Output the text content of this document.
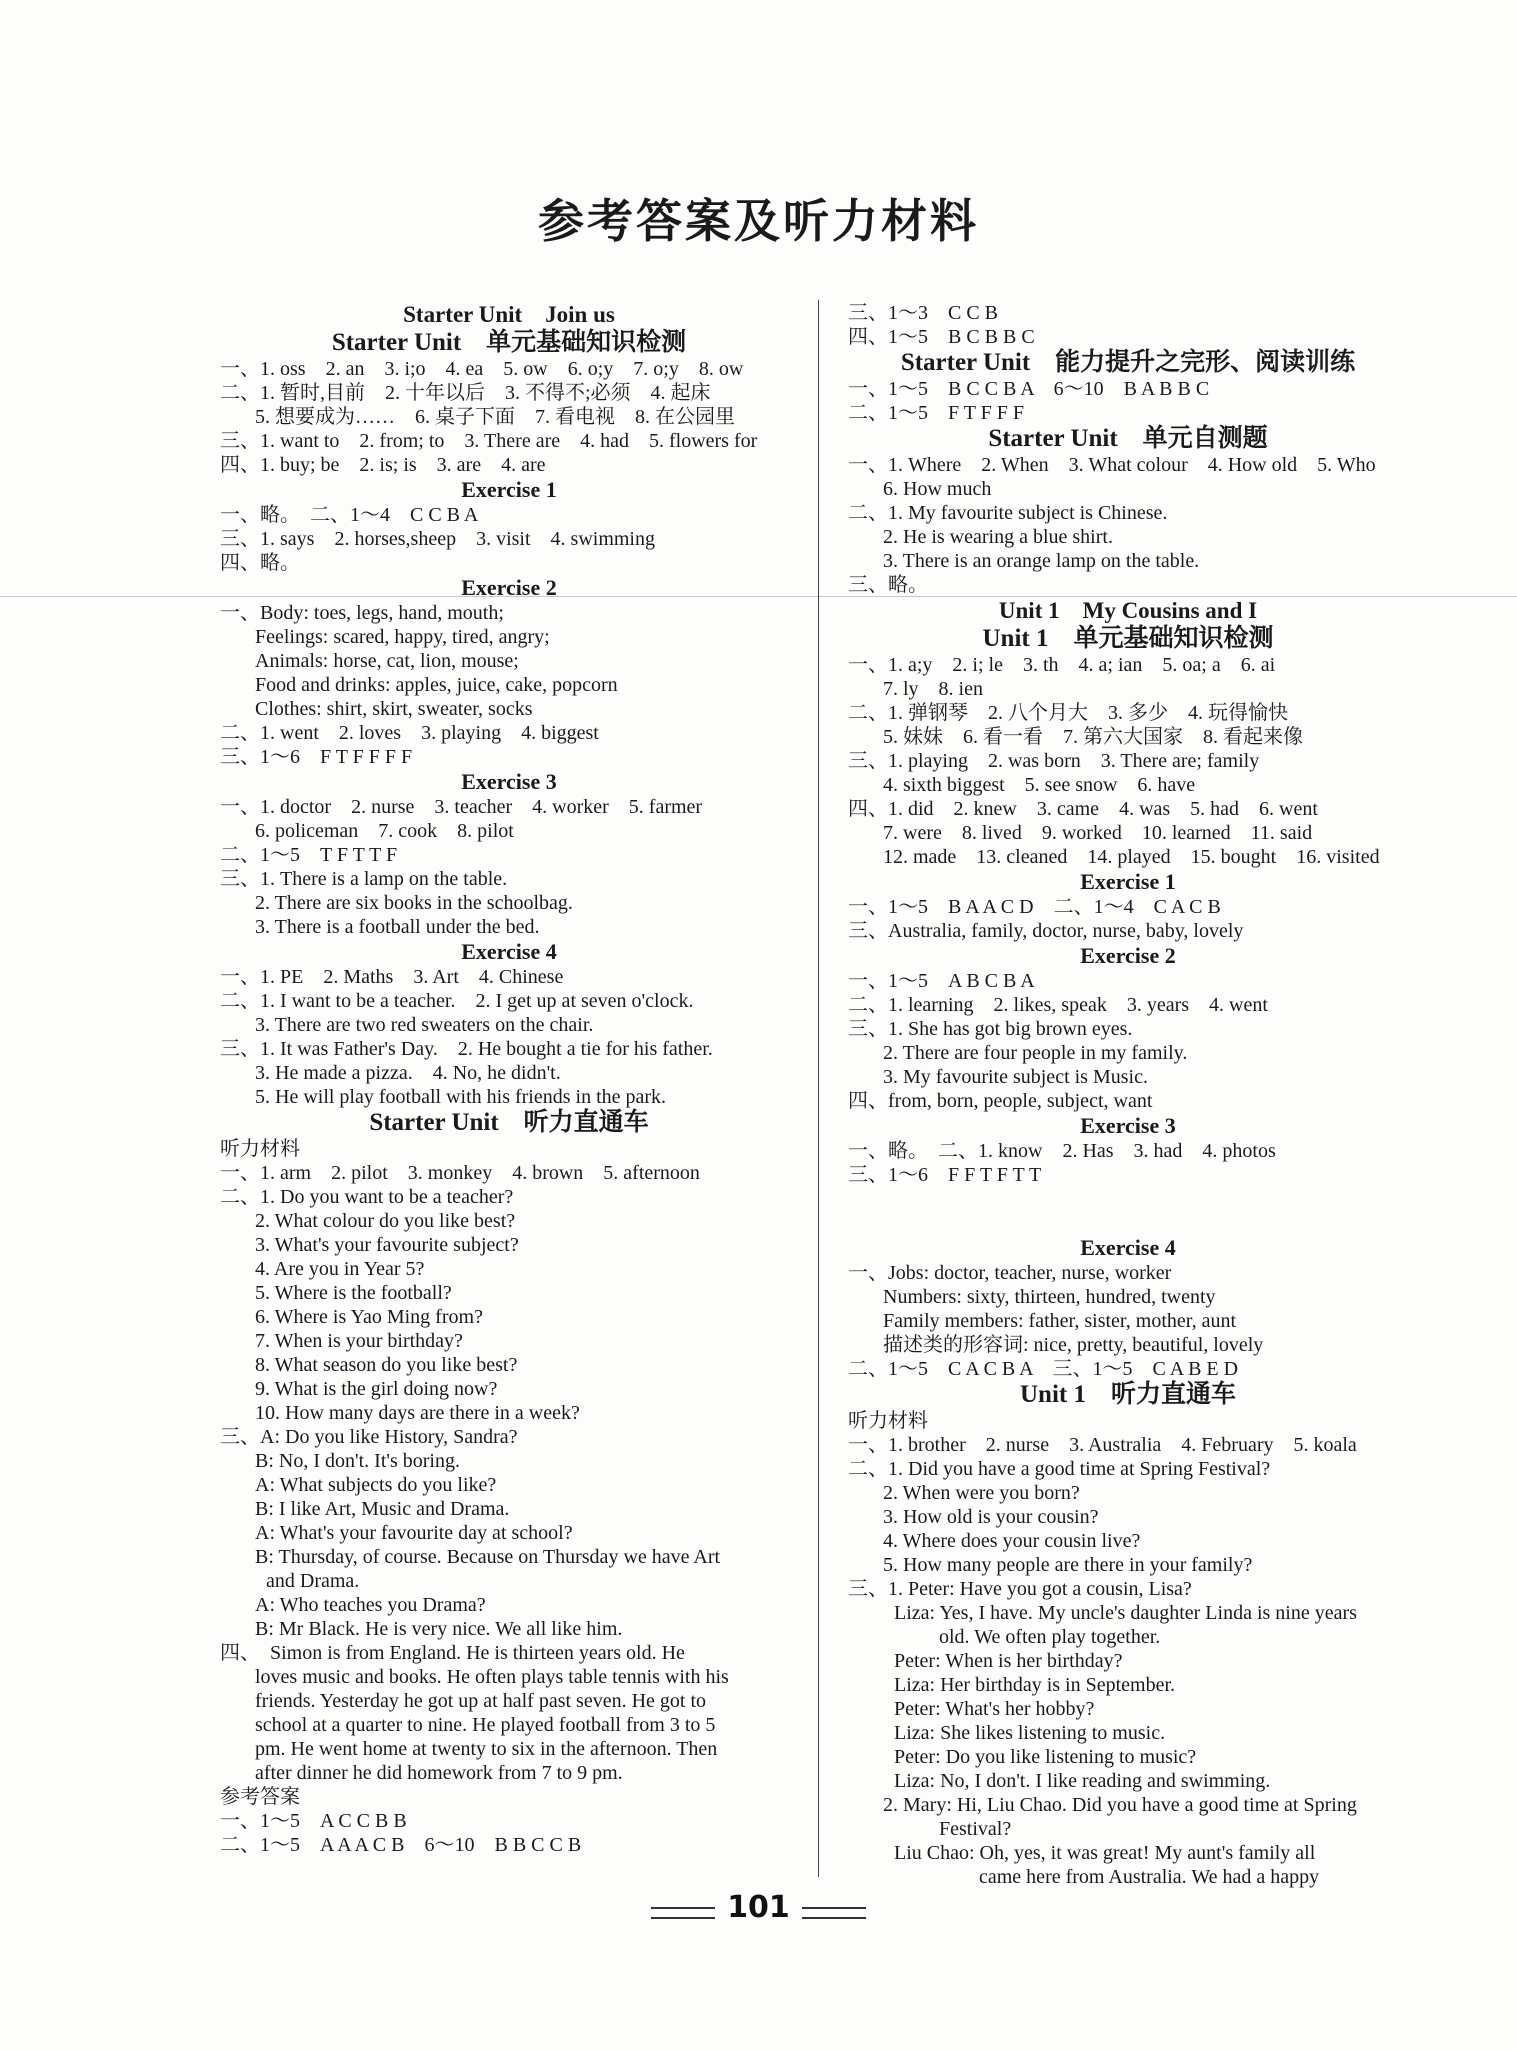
参考答案及听力材料
Starter Unit　Join us
Starter Unit　单元基础知识检测
一、1. oss　2. an　3. i;o　4. ea　5. ow　6. o;y　7. o;y　8. ow
二、1. 暂时,目前　2. 十年以后　3. 不得不;必须　4. 起床
5. 想要成为……　6. 桌子下面　7. 看电视　8. 在公园里
三、1. want to　2. from; to　3. There are　4. had　5. flowers for
四、1. buy; be　2. is; is　3. are　4. are
Exercise 1
一、略。　二、1～4　C C B A
三、1. says　2. horses,sheep　3. visit　4. swimming
四、略。
Exercise 2
一、Body: toes, legs, hand, mouth;
Feelings: scared, happy, tired, angry;
Animals: horse, cat, lion, mouse;
Food and drinks: apples, juice, cake, popcorn
Clothes: shirt, skirt, sweater, socks
二、1. went　2. loves　3. playing　4. biggest
三、1～6　F T F F F F
Exercise 3
一、1. doctor　2. nurse　3. teacher　4. worker　5. farmer
6. policeman　7. cook　8. pilot
二、1～5　T F T T F
三、1. There is a lamp on the table.
2. There are six books in the schoolbag.
3. There is a football under the bed.
Exercise 4
一、1. PE　2. Maths　3. Art　4. Chinese
二、1. I want to be a teacher.　2. I get up at seven o'clock.
3. There are two red sweaters on the chair.
三、1. It was Father's Day.　2. He bought a tie for his father.
3. He made a pizza.　4. No, he didn't.
5. He will play football with his friends in the park.
Starter Unit　听力直通车
听力材料
一、1. arm　2. pilot　3. monkey　4. brown　5. afternoon
二、1. Do you want to be a teacher?
2. What colour do you like best?
3. What's your favourite subject?
4. Are you in Year 5?
5. Where is the football?
6. Where is Yao Ming from?
7. When is your birthday?
8. What season do you like best?
9. What is the girl doing now?
10. How many days are there in a week?
三、A: Do you like History, Sandra?
B: No, I don't. It's boring.
A: What subjects do you like?
B: I like Art, Music and Drama.
A: What's your favourite day at school?
B: Thursday, of course. Because on Thursday we have Art
and Drama.
A: Who teaches you Drama?
B: Mr Black. He is very nice. We all like him.
四、　Simon is from England. He is thirteen years old. He
loves music and books. He often plays table tennis with his
friends. Yesterday he got up at half past seven. He got to
school at a quarter to nine. He played football from 3 to 5
pm. He went home at twenty to six in the afternoon. Then
after dinner he did homework from 7 to 9 pm.
参考答案
一、1～5　A C C B B
二、1～5　A A A C B　6～10　B B C C B
三、1～3　C C B
四、1～5　B C B B C
Starter Unit　能力提升之完形、阅读训练
一、1～5　B C C B A　6～10　B A B B C
二、1～5　F T F F F
Starter Unit　单元自测题
一、1. Where　2. When　3. What colour　4. How old　5. Who
6. How much
二、1. My favourite subject is Chinese.
2. He is wearing a blue shirt.
3. There is an orange lamp on the table.
三、略。
Unit 1　My Cousins and I
Unit 1　单元基础知识检测
一、1. a;y　2. i; le　3. th　4. a; ian　5. oa; a　6. ai
7. ly　8. ien
二、1. 弹钢琴　2. 八个月大　3. 多少　4. 玩得愉快
5. 妹妹　6. 看一看　7. 第六大国家　8. 看起来像
三、1. playing　2. was born　3. There are; family
4. sixth biggest　5. see snow　6. have
四、1. did　2. knew　3. came　4. was　5. had　6. went
7. were　8. lived　9. worked　10. learned　11. said
12. made　13. cleaned　14. played　15. bought　16. visited
Exercise 1
一、1～5　B A A C D　二、1～4　C A C B
三、Australia, family, doctor, nurse, baby, lovely
Exercise 2
一、1～5　A B C B A
二、1. learning　2. likes, speak　3. years　4. went
三、1. She has got big brown eyes.
2. There are four people in my family.
3. My favourite subject is Music.
四、from, born, people, subject, want
Exercise 3
一、略。　二、1. know　2. Has　3. had　4. photos
三、1～6　F F T F T T
Exercise 4
一、Jobs: doctor, teacher, nurse, worker
Numbers: sixty, thirteen, hundred, twenty
Family members: father, sister, mother, aunt
描述类的形容词: nice, pretty, beautiful, lovely
二、1～5　C A C B A　三、1～5　C A B E D
Unit 1　听力直通车
听力材料
一、1. brother　2. nurse　3. Australia　4. February　5. koala
二、1. Did you have a good time at Spring Festival?
2. When were you born?
3. How old is your cousin?
4. Where does your cousin live?
5. How many people are there in your family?
三、1. Peter: Have you got a cousin, Lisa?
Liza: Yes, I have. My uncle's daughter Linda is nine years
　　 old. We often play together.
Peter: When is her birthday?
Liza: Her birthday is in September.
Peter: What's her hobby?
Liza: She likes listening to music.
Peter: Do you like listening to music?
Liza: No, I don't. I like reading and swimming.
2. Mary: Hi, Liu Chao. Did you have a good time at Spring
　　 Festival?
Liu Chao: Oh, yes, it was great! My aunt's family all
　　　　 came here from Australia. We had a happy
101
